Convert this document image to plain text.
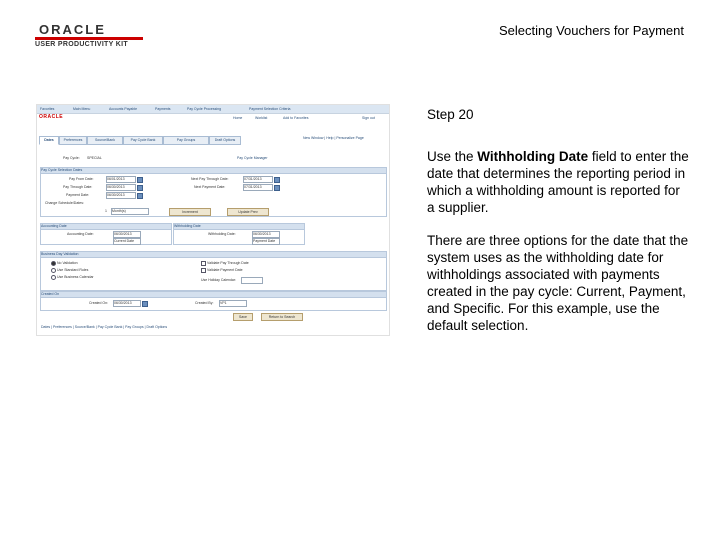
ORACLE
USER PRODUCTIVITY KIT
Selecting Vouchers for Payment
Favorites	Main Menu	Accounts Payable	Payments	Pay Cycle Processing	Payment Selection Criteria
ORACLE	Home	Worklist	Add to Favorites	Sign out
New Window | Help | Personalize Page
Dates	Preferences	Source/Bank	Pay Cycle Bank	Pay Groups	Draft Options
Pay Cycle: SPECIAL	Pay Cycle Manager
Pay Cycle Selection Dates
Pay From Date:	06/01/2013
Pay Through Date:	06/30/2013
Payment Date:	06/30/2013
Next Pay Through Date:	07/31/2013
Next Payment Date:	07/31/2013
Change Schedule/Dates:
1 Month(s)	Increment	Update Prev
Accounting Date
Accounting Date:	06/30/2013
Current Date
Withholding Date
Withholding Date:	06/30/2013
Payment Date
Business Day Validation
No Validation
Use Standard Rules
Use Business Calendar
Validate Pay Through Date
Validate Payment Date
Use Holiday Calendar:
Created On
Created On: 06/30/2013	Created By: VP1
Save	Return to Search
Dates | Preferences | Source/Bank | Pay Cycle Bank | Pay Groups | Draft Options
Step 20

Use the Withholding Date field to enter the date that determines the reporting period in which a withholding amount is reported for a supplier.

There are three options for the date that the system uses as the withholding date for withholdings associated with payments created in the pay cycle: Current, Payment, and Specific. For this example, use the default selection.
